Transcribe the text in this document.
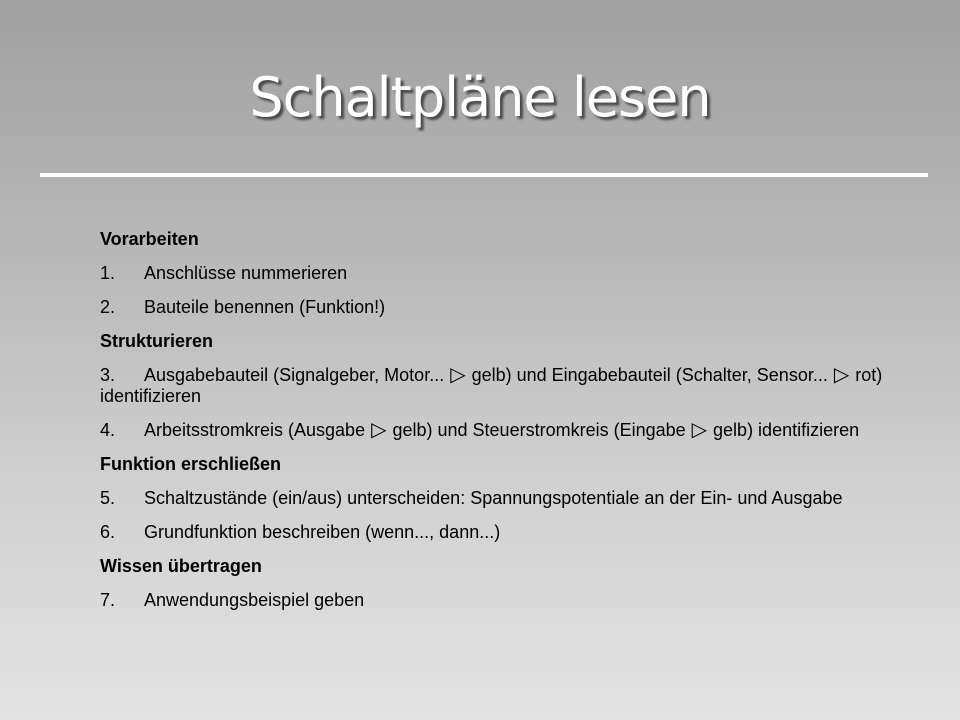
Schaltpläne lesen
Vorarbeiten
1. Anschlüsse nummerieren
2. Bauteile benennen (Funktion!)
Strukturieren
3. Ausgabebauteil (Signalgeber, Motor... ▷ gelb) und Eingabebauteil (Schalter, Sensor... ▷ rot) identifizieren
4. Arbeitsstromkreis (Ausgabe ▷ gelb) und Steuerstromkreis (Eingabe ▷ gelb) identifizieren
Funktion erschließen
5. Schaltzustände (ein/aus) unterscheiden: Spannungspotentiale an der Ein- und Ausgabe
6. Grundfunktion beschreiben (wenn..., dann...)
Wissen übertragen
7. Anwendungsbeispiel geben
